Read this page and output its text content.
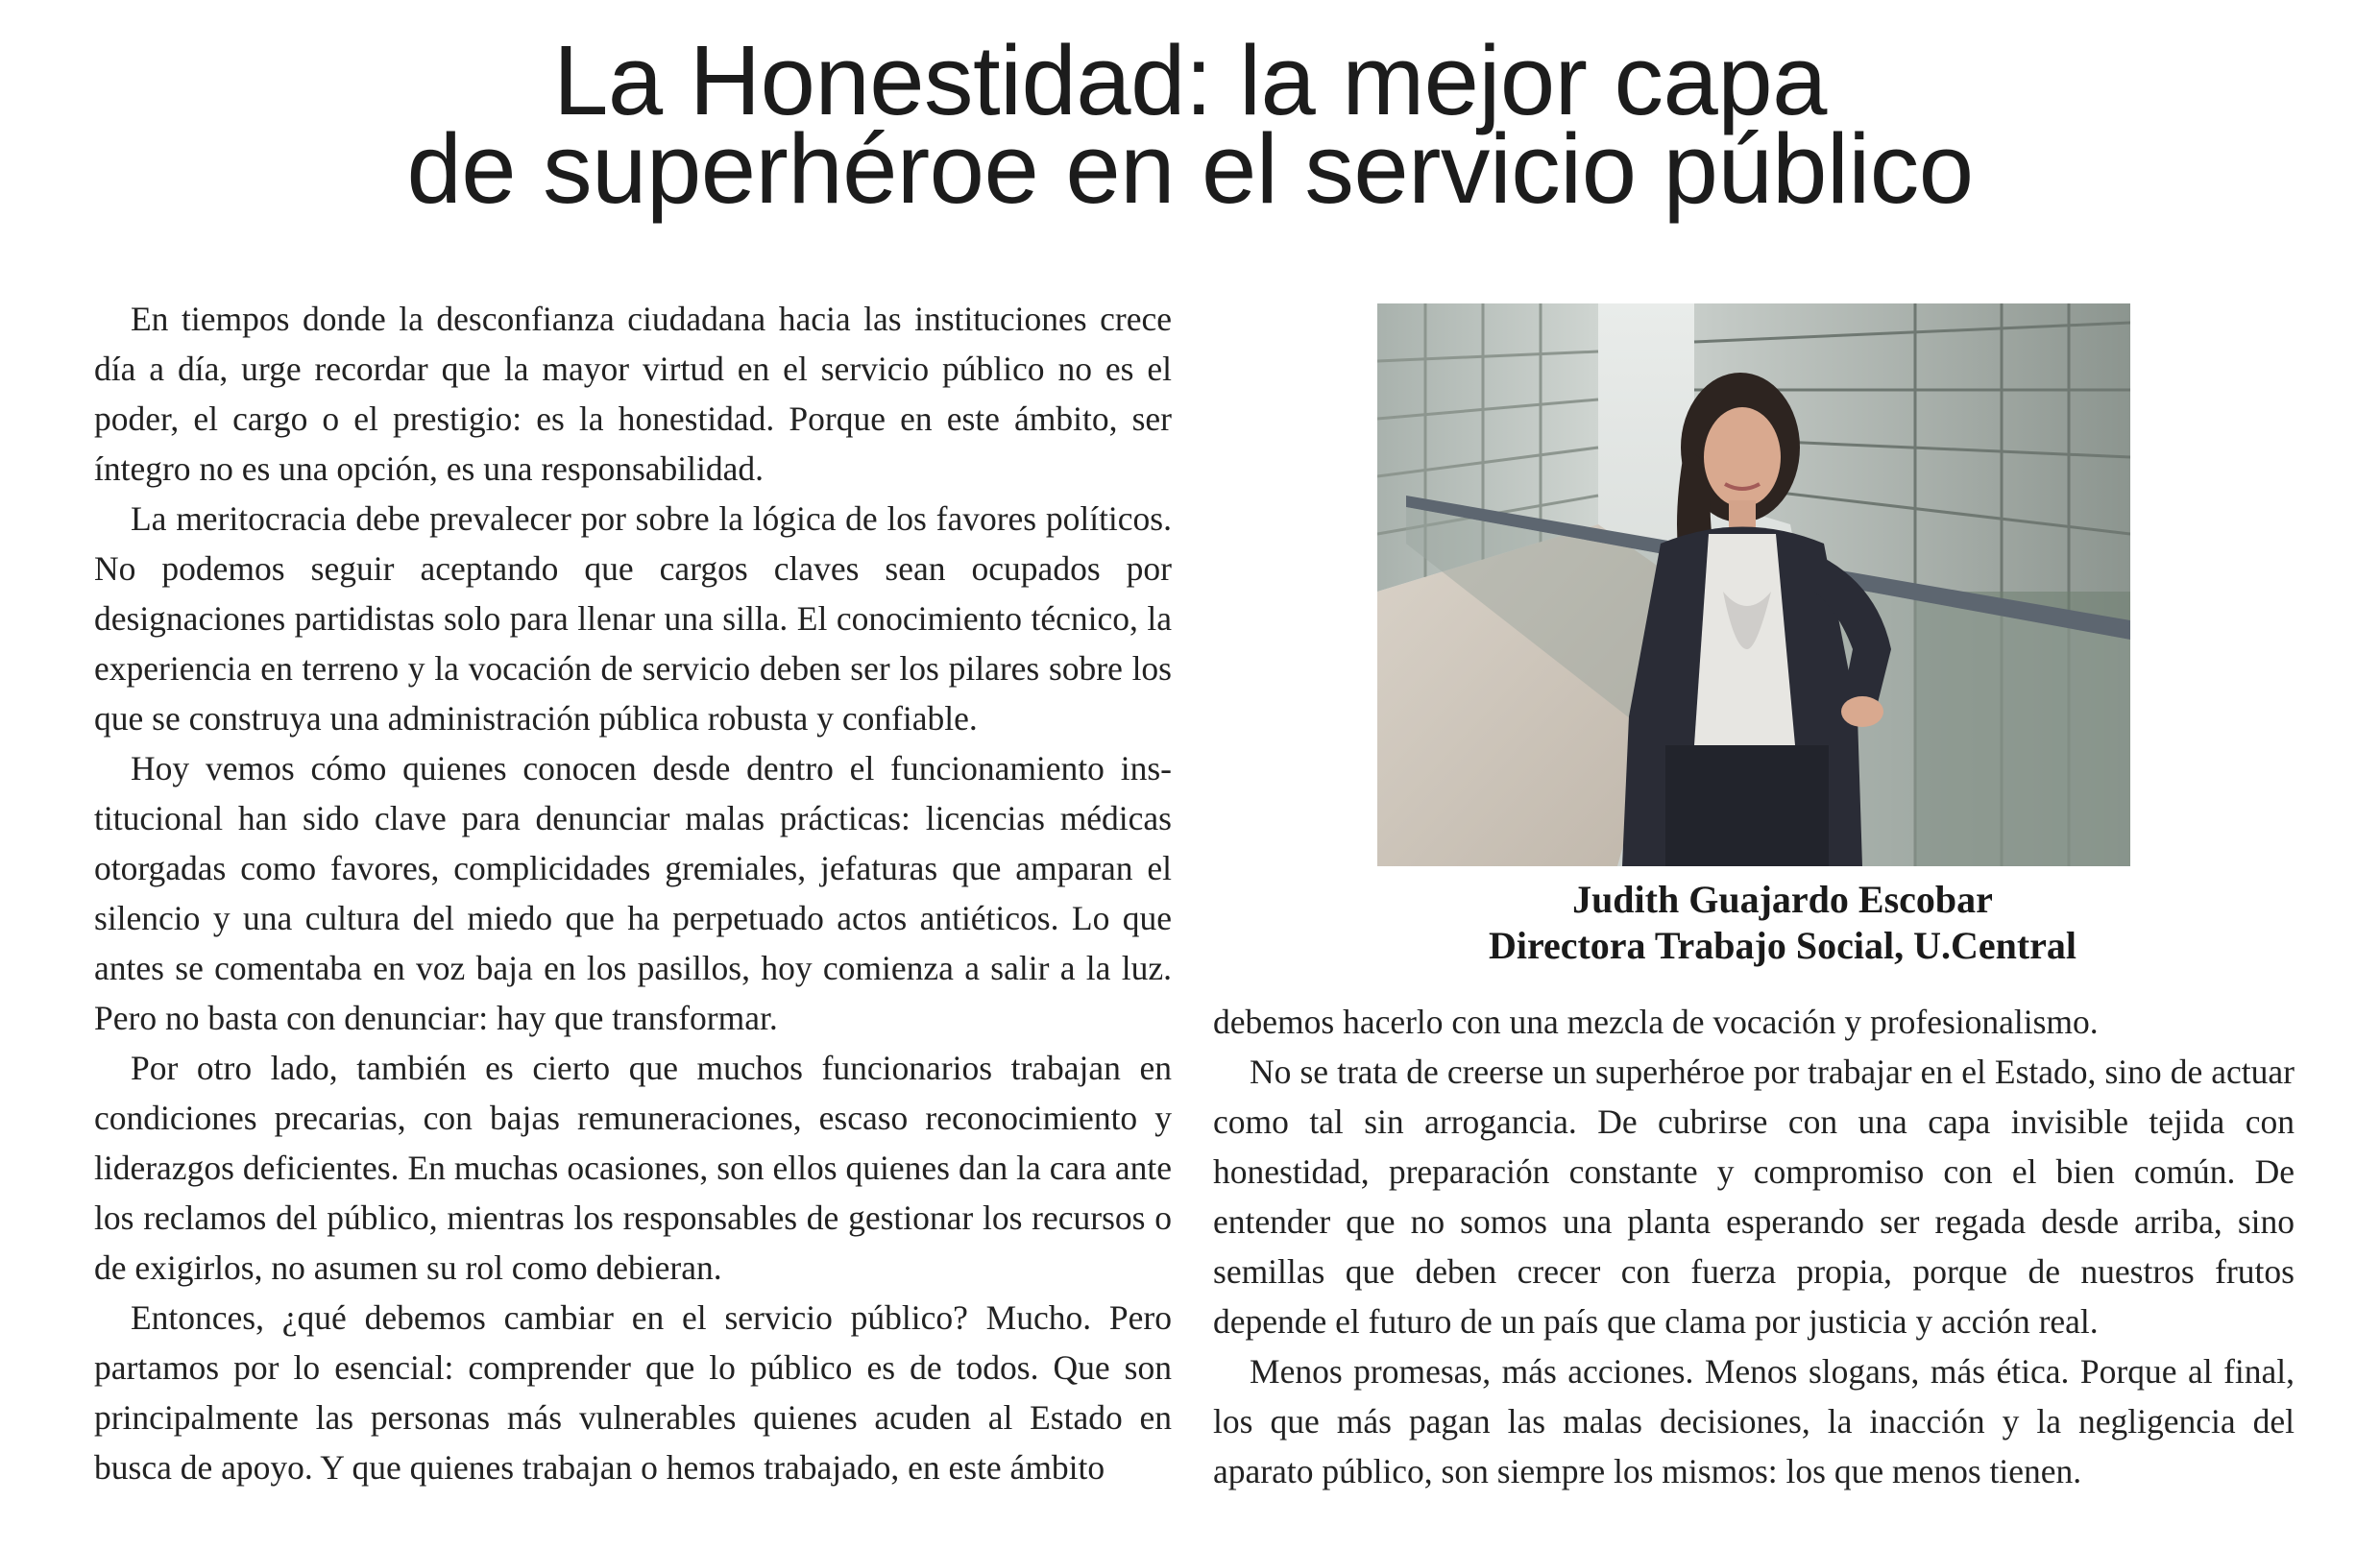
La Honestidad: la mejor capa
de superhéroe en el servicio público

En tiempos donde la desconfianza ciudadana hacia las instituciones crece día a día, urge recordar que la mayor virtud en el servicio público no es el poder, el cargo o el prestigio: es la honestidad. Porque en este ámbito, ser íntegro no es una opción, es una responsabilidad.

La meritocracia debe prevalecer por sobre la lógica de los favores políticos. No podemos seguir aceptando que cargos claves sean ocupados por designaciones partidistas solo para llenar una silla. El conocimiento técnico, la experiencia en terreno y la vocación de servicio deben ser los pilares sobre los que se construya una administración pública robusta y confiable.

Hoy vemos cómo quienes conocen desde dentro el funcionamiento institucional han sido clave para denunciar malas prácticas: licencias médicas otorgadas como favores, complicidades gremiales, jefaturas que amparan el silencio y una cultura del miedo que ha perpetuado actos antiéticos. Lo que antes se comentaba en voz baja en los pasillos, hoy comienza a salir a la luz. Pero no basta con denunciar: hay que transformar.

Por otro lado, también es cierto que muchos funcionarios trabajan en condiciones precarias, con bajas remuneraciones, escaso reconocimiento y liderazgos deficientes. En muchas ocasiones, son ellos quienes dan la cara ante los reclamos del público, mientras los responsables de gestionar los recursos o de exigirlos, no asumen su rol como debieran.

Entonces, ¿qué debemos cambiar en el servicio público? Mucho. Pero partamos por lo esencial: comprender que lo público es de todos. Que son principalmente las personas más vulnerables quienes acuden al Estado en busca de apoyo. Y que quienes trabajan o hemos trabajado, en este ámbito

Judith Guajardo Escobar
Directora Trabajo Social, U.Central

debemos hacerlo con una mezcla de vocación y profesionalismo.

No se trata de creerse un superhéroe por trabajar en el Estado, sino de actuar como tal sin arrogancia. De cubrirse con una capa invisible tejida con honestidad, preparación constante y compromiso con el bien común. De entender que no somos una planta esperando ser regada desde arriba, sino semillas que deben crecer con fuerza propia, porque de nuestros frutos depende el futuro de un país que clama por justicia y acción real.

Menos promesas, más acciones. Menos slogans, más ética. Porque al final, los que más pagan las malas decisiones, la inacción y la negligencia del aparato público, son siempre los mismos: los que menos tienen.
